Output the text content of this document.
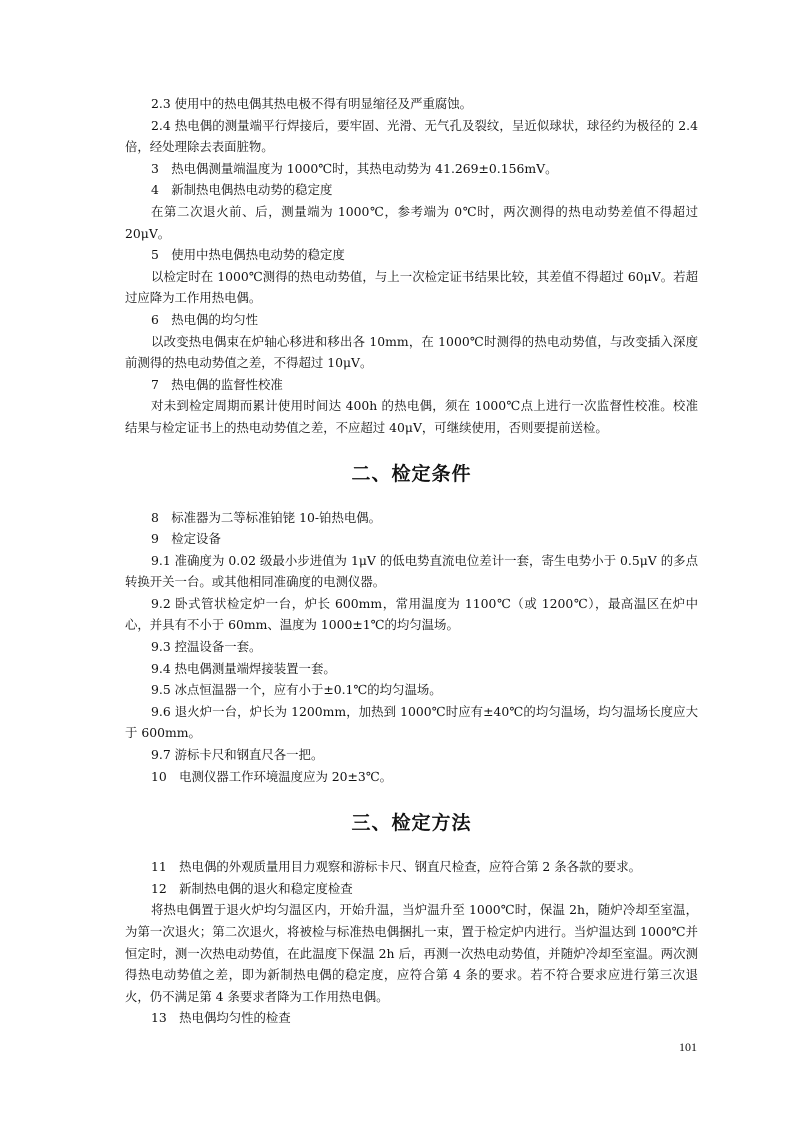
2.3 使用中的热电偶其热电极不得有明显缩径及严重腐蚀。

2.4 热电偶的测量端平行焊接后，要牢固、光滑、无气孔及裂纹，呈近似球状，球径约为极径的 2.4 倍，经处理除去表面脏物。

3　热电偶测量端温度为 1000℃时，其热电动势为 41.269±0.156mV。

4　新制热电偶热电动势的稳定度

在第二次退火前、后，测量端为 1000℃，参考端为 0℃时，两次测得的热电动势差值不得超过 20μV。

5　使用中热电偶热电动势的稳定度

以检定时在 1000℃测得的热电动势值，与上一次检定证书结果比较，其差值不得超过 60μV。若超过应降为工作用热电偶。

6　热电偶的均匀性

以改变热电偶束在炉轴心移进和移出各 10mm，在 1000℃时测得的热电动势值，与改变插入深度前测得的热电动势值之差，不得超过 10μV。

7　热电偶的监督性校准

对未到检定周期而累计使用时间达 400h 的热电偶，须在 1000℃点上进行一次监督性校准。校准结果与检定证书上的热电动势值之差，不应超过 40μV，可继续使用，否则要提前送检。

二、检定条件

8　标准器为二等标准铂铑 10-铂热电偶。

9　检定设备

9.1 准确度为 0.02 级最小步进值为 1μV 的低电势直流电位差计一套，寄生电势小于 0.5μV 的多点转换开关一台。或其他相同准确度的电测仪器。

9.2 卧式管状检定炉一台，炉长 600mm，常用温度为 1100℃（或 1200℃），最高温区在炉中心，并具有不小于 60mm、温度为 1000±1℃的均匀温场。

9.3 控温设备一套。

9.4 热电偶测量端焊接装置一套。

9.5 冰点恒温器一个，应有小于±0.1℃的均匀温场。

9.6 退火炉一台，炉长为 1200mm，加热到 1000℃时应有±40℃的均匀温场，均匀温场长度应大于 600mm。

9.7 游标卡尺和钢直尺各一把。

10　电测仪器工作环境温度应为 20±3℃。

三、检定方法

11　热电偶的外观质量用目力观察和游标卡尺、钢直尺检查，应符合第 2 条各款的要求。

12　新制热电偶的退火和稳定度检查

将热电偶置于退火炉均匀温区内，开始升温，当炉温升至 1000℃时，保温 2h，随炉冷却至室温，为第一次退火；第二次退火，将被检与标准热电偶捆扎一束，置于检定炉内进行。当炉温达到 1000℃并恒定时，测一次热电动势值，在此温度下保温 2h 后，再测一次热电动势值，并随炉冷却至室温。两次测得热电动势值之差，即为新制热电偶的稳定度，应符合第 4 条的要求。若不符合要求应进行第三次退火，仍不满足第 4 条要求者降为工作用热电偶。

13　热电偶均匀性的检查

101
